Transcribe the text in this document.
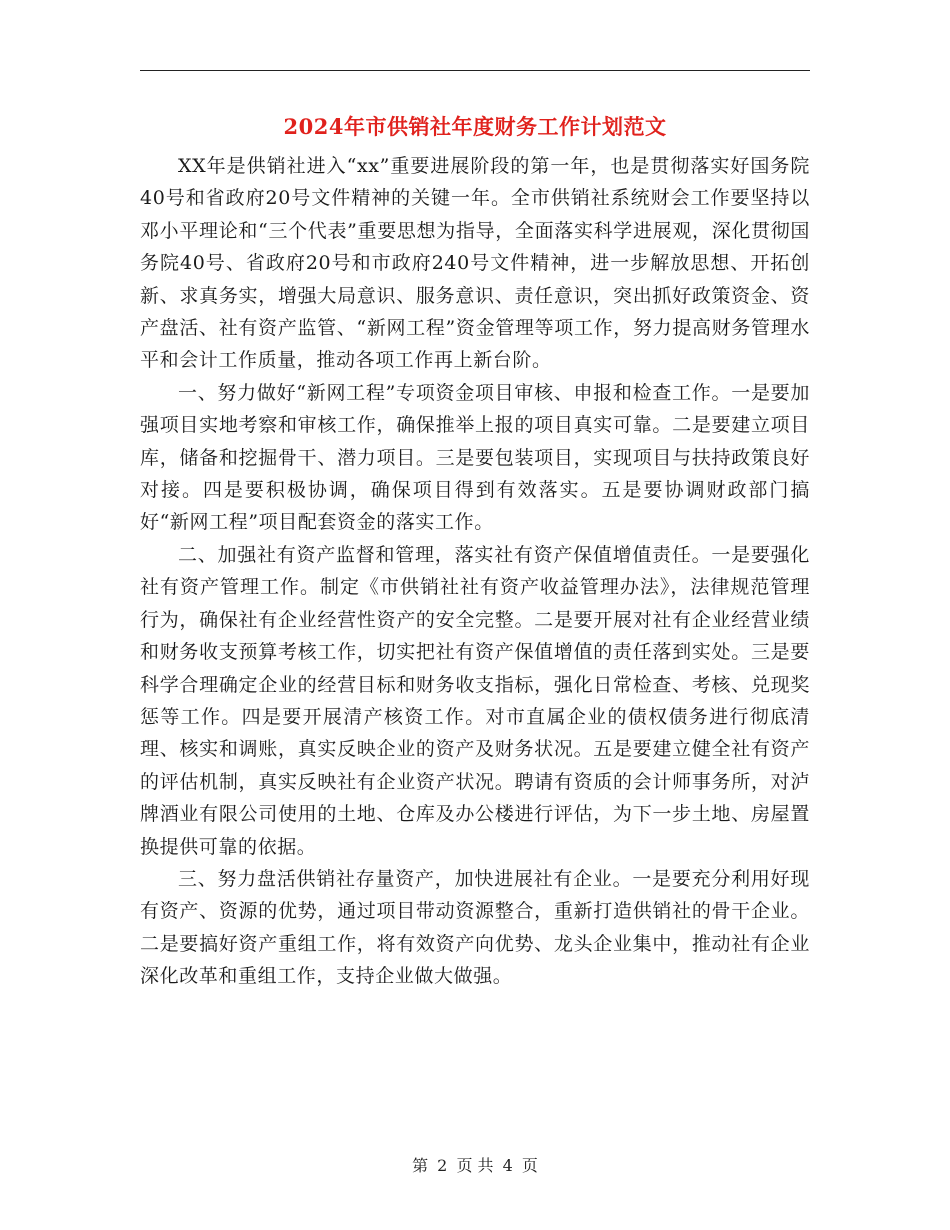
2024年市供销社年度财务工作计划范文

XX年是供销社进入“xx”重要进展阶段的第一年，也是贯彻落实好国务院40号和省政府20号文件精神的关键一年。全市供销社系统财会工作要坚持以邓小平理论和“三个代表”重要思想为指导，全面落实科学进展观，深化贯彻国务院40号、省政府20号和市政府240号文件精神，进一步解放思想、开拓创新、求真务实，增强大局意识、服务意识、责任意识，突出抓好政策资金、资产盘活、社有资产监管、“新网工程”资金管理等项工作，努力提高财务管理水平和会计工作质量，推动各项工作再上新台阶。

一、努力做好“新网工程”专项资金项目审核、申报和检查工作。一是要加强项目实地考察和审核工作，确保推举上报的项目真实可靠。二是要建立项目库，储备和挖掘骨干、潜力项目。三是要包装项目，实现项目与扶持政策良好对接。四是要积极协调，确保项目得到有效落实。五是要协调财政部门搞好“新网工程”项目配套资金的落实工作。

二、加强社有资产监督和管理，落实社有资产保值增值责任。一是要强化社有资产管理工作。制定《市供销社社有资产收益管理办法》，法律规范管理行为，确保社有企业经营性资产的安全完整。二是要开展对社有企业经营业绩和财务收支预算考核工作，切实把社有资产保值增值的责任落到实处。三是要科学合理确定企业的经营目标和财务收支指标，强化日常检查、考核、兑现奖惩等工作。四是要开展清产核资工作。对市直属企业的债权债务进行彻底清理、核实和调账，真实反映企业的资产及财务状况。五是要建立健全社有资产的评估机制，真实反映社有企业资产状况。聘请有资质的会计师事务所，对泸牌酒业有限公司使用的土地、仓库及办公楼进行评估，为下一步土地、房屋置换提供可靠的依据。

三、努力盘活供销社存量资产，加快进展社有企业。一是要充分利用好现有资产、资源的优势，通过项目带动资源整合，重新打造供销社的骨干企业。二是要搞好资产重组工作，将有效资产向优势、龙头企业集中，推动社有企业深化改革和重组工作，支持企业做大做强。

第 2 页 共 4 页
